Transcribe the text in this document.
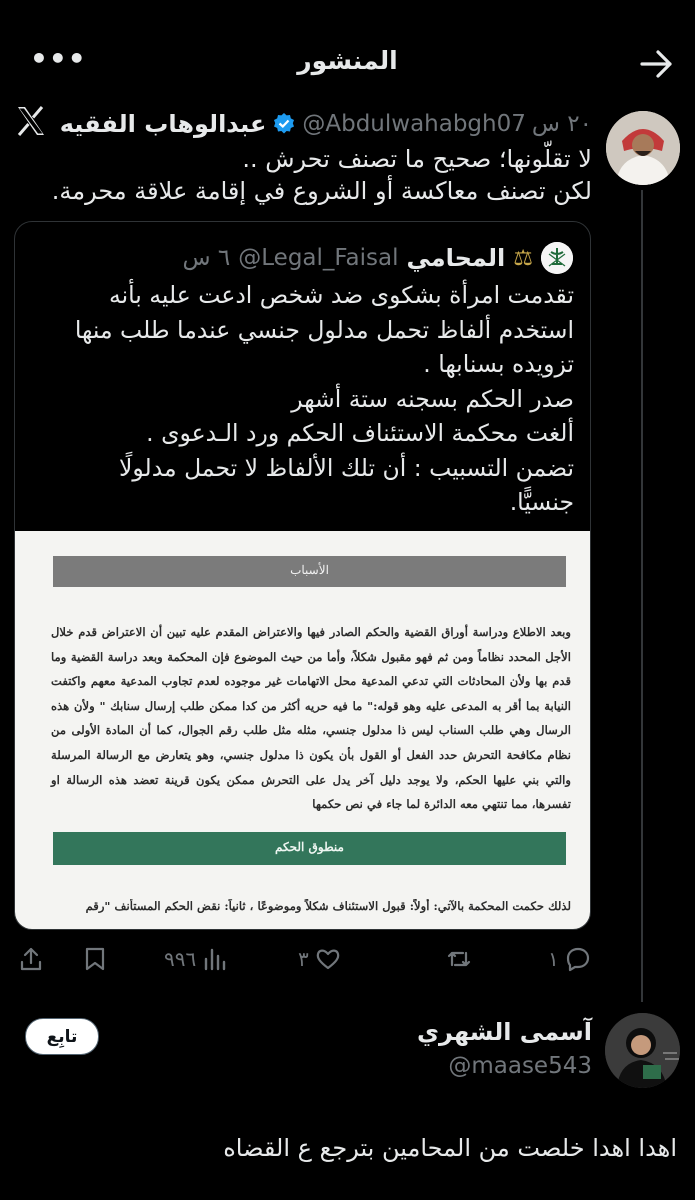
المنشور
•••
عبدالوهاب الفقيه @Abdulwahabgh07 ٢٠ س
لا تقلّونها؛ صحيح ما تصنف تحرش ..
لكن تصنف معاكسة أو الشروع في إقامة علاقة محرمة.
⚖
المحامي
@Legal_Faisal
٦ س
تقدمت امرأة بشكوى ضد شخص ادعت عليه بأنه
استخدم ألفاظ تحمل مدلول جنسي عندما طلب منها
تزويده بسنابها .
صدر الحكم بسجنه ستة أشهر
ألغت محكمة الاستئناف الحكم ورد الـدعوى .
تضمن التسبيب : أن تلك الألفاظ لا تحمل مدلولًا
جنسيًّا.
الأسباب
وبعد الاطلاع ودراسة أوراق القضية والحكم الصادر فيها والاعتراض المقدم عليه تبين أن الاعتراض قدم خلال الأجل المحدد نظاماً ومن ثم فهو مقبول شكلاً، وأما من حيث الموضوع فإن المحكمة وبعد دراسة القضية وما قدم بها ولأن المحادثات التي تدعي المدعية محل الاتهامات غير موجوده لعدم تجاوب المدعية معهم واكتفت النيابة بما أقر به المدعى عليه وهو قوله:" ما فيه حريه أكثر من كدا ممكن طلب إرسال سنابك " ولأن هذه الرسال وهي طلب السناب ليس ذا مدلول جنسي، مثله مثل طلب رقم الجوال، كما أن المادة الأولى من نظام مكافحة التحرش حدد الفعل أو القول بأن يكون ذا مدلول جنسي، وهو يتعارض مع الرسالة المرسلة والتي بني عليها الحكم، ولا يوجد دليل آخر يدل على التحرش ممكن يكون قرينة تعضد هذه الرسالة او تفسرها، مما تنتهي معه الدائرة لما جاء في نص حكمها
منطوق الحكم
لذلك حكمت المحكمة بالآتي: أولاً: قبول الاستئناف شكلاً وموضوعًا ، ثانياً: نقض الحكم المستأنف "رقم
٩٩٦	٣	١
آسمى الشهري
@maase543
تابِع
اهدا اهدا خلصت من المحامين بترجع ع القضاه
